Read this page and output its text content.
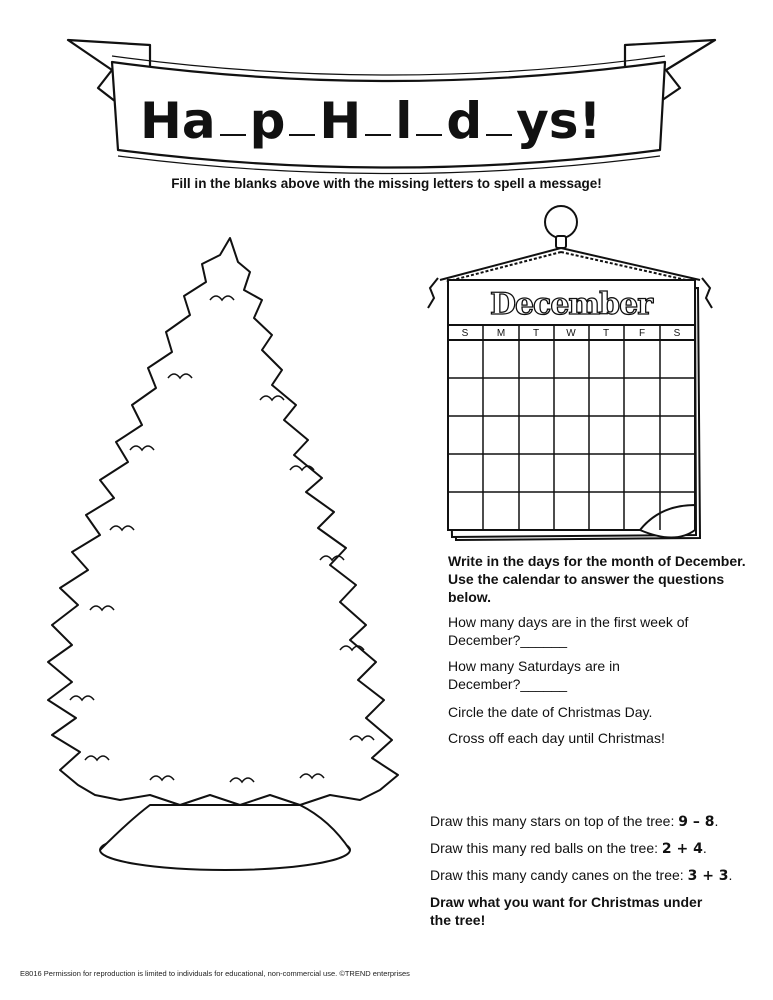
Ha p H l d ys!
Fill in the blanks above with the missing letters to spell a message!
December
S	M	T	W	T	F	S
Write in the days for the month of December. Use the calendar to answer the questions below.
How many days are in the first week of December?______
How many Saturdays are in December?______
Circle the date of Christmas Day.
Cross off each day until Christmas!
Draw this many stars on top of the tree: 9 – 8.
Draw this many red balls on the tree: 2 + 4.
Draw this many candy canes on the tree: 3 + 3.
Draw what you want for Christmas under the tree!
E8016 Permission for reproduction is limited to individuals for educational, non-commercial use. ©TREND enterprises
